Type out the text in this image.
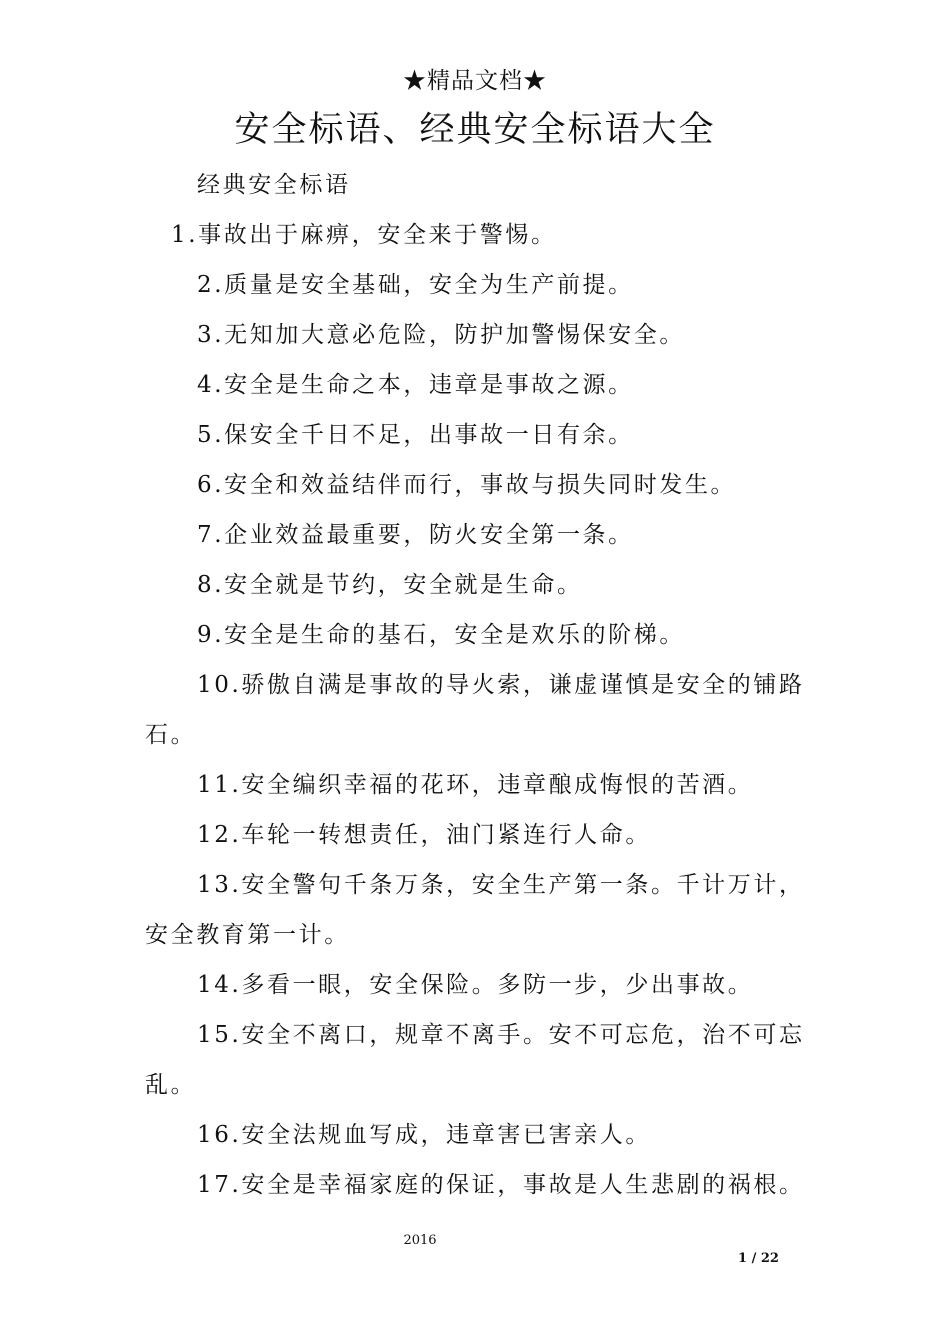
★精品文档★
安全标语、经典安全标语大全

经典安全标语

1.事故出于麻痹，安全来于警惕。

2.质量是安全基础，安全为生产前提。

3.无知加大意必危险，防护加警惕保安全。

4.安全是生命之本，违章是事故之源。

5.保安全千日不足，出事故一日有余。

6.安全和效益结伴而行，事故与损失同时发生。

7.企业效益最重要，防火安全第一条。

8.安全就是节约，安全就是生命。

9.安全是生命的基石，安全是欢乐的阶梯。

10.骄傲自满是事故的导火索，谦虚谨慎是安全的铺路石。

11.安全编织幸福的花环，违章酿成悔恨的苦酒。

12.车轮一转想责任，油门紧连行人命。

13.安全警句千条万条，安全生产第一条。千计万计，安全教育第一计。

14.多看一眼，安全保险。多防一步，少出事故。

15.安全不离口，规章不离手。安不可忘危，治不可忘乱。

16.安全法规血写成，违章害已害亲人。

17.安全是幸福家庭的保证，事故是人生悲剧的祸根。

2016
1 / 22
